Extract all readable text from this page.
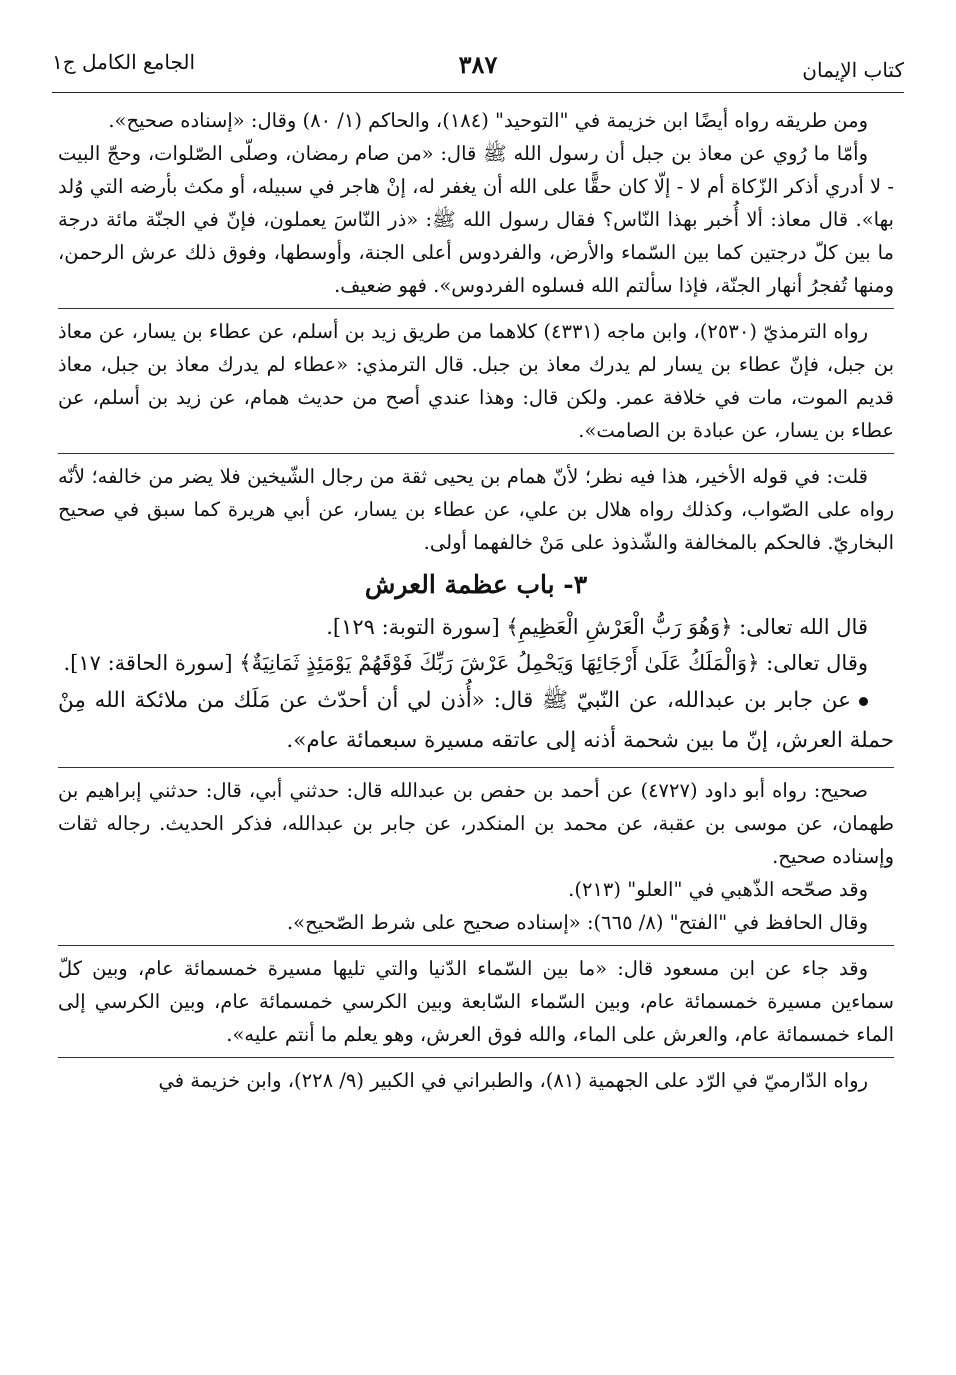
كتاب الإيمان
٣٨٧
الجامع الكامل ج١

ومن طريقه رواه أيضًا ابن خزيمة في "التوحيد" (١٨٤)، والحاكم (١/ ٨٠) وقال: «إسناده صحيح».

وأمّا ما رُوي عن معاذ بن جبل أن رسول الله ﷺ قال: «من صام رمضان، وصلّى الصّلوات، وحجّ البيت - لا أدري أذكر الزّكاة أم لا - إلّا كان حقًّا على الله أن يغفر له، إنْ هاجر في سبيله، أو مكث بأرضه التي وُلد بها». قال معاذ: ألا أُخبر بهذا النّاس؟ فقال رسول الله ﷺ: «ذر النّاسَ يعملون، فإنّ في الجنّة مائة درجة ما بين كلّ درجتين كما بين السّماء والأرض، والفردوس أعلى الجنة، وأوسطها، وفوق ذلك عرش الرحمن، ومنها تُفجرُ أنهار الجنّة، فإذا سألتم الله فسلوه الفردوس». فهو ضعيف.

رواه الترمذيّ (٢٥٣٠)، وابن ماجه (٤٣٣١) كلاهما من طريق زيد بن أسلم، عن عطاء بن يسار، عن معاذ بن جبل، فإنّ عطاء بن يسار لم يدرك معاذ بن جبل. قال الترمذي: «عطاء لم يدرك معاذ بن جبل، معاذ قديم الموت، مات في خلافة عمر. ولكن قال: وهذا عندي أصح من حديث همام، عن زيد بن أسلم، عن عطاء بن يسار، عن عبادة بن الصامت».

قلت: في قوله الأخير، هذا فيه نظر؛ لأنّ همام بن يحيى ثقة من رجال الشّيخين فلا يضر من خالفه؛ لأنّه رواه على الصّواب، وكذلك رواه هلال بن علي، عن عطاء بن يسار، عن أبي هريرة كما سبق في صحيح البخاريّ. فالحكم بالمخالفة والشّذوذ على مَنْ خالفهما أولى.

٣- باب عظمة العرش

قال الله تعالى: ﴿وَهُوَ رَبُّ الْعَرْشِ الْعَظِيمِ﴾ [سورة التوبة: ١٢٩].

وقال تعالى: ﴿وَالْمَلَكُ عَلَىٰ أَرْجَائِهَا وَيَحْمِلُ عَرْشَ رَبِّكَ فَوْقَهُمْ يَوْمَئِذٍ ثَمَانِيَةٌ﴾ [سورة الحاقة: ١٧].

عن جابر بن عبدالله، عن النّبيّ ﷺ قال: «أُذن لي أن أحدّث عن مَلَك من ملائكة الله مِنْ حملة العرش، إنّ ما بين شحمة أذنه إلى عاتقه مسيرة سبعمائة عام».

صحيح: رواه أبو داود (٤٧٢٧) عن أحمد بن حفص بن عبدالله قال: حدثني أبي، قال: حدثني إبراهيم بن طهمان، عن موسى بن عقبة، عن محمد بن المنكدر، عن جابر بن عبدالله، فذكر الحديث. رجاله ثقات وإسناده صحيح.

وقد صحّحه الذّهبي في "العلو" (٢١٣).

وقال الحافظ في "الفتح" (٨/ ٦٦٥): «إسناده صحيح على شرط الصّحيح».

وقد جاء عن ابن مسعود قال: «ما بين السّماء الدّنيا والتي تليها مسيرة خمسمائة عام، وبين كلّ سماءين مسيرة خمسمائة عام، وبين السّماء السّابعة وبين الكرسي خمسمائة عام، وبين الكرسي إلى الماء خمسمائة عام، والعرش على الماء، والله فوق العرش، وهو يعلم ما أنتم عليه».

رواه الدّارميّ في الرّد على الجهمية (٨١)، والطبراني في الكبير (٩/ ٢٢٨)، وابن خزيمة في
